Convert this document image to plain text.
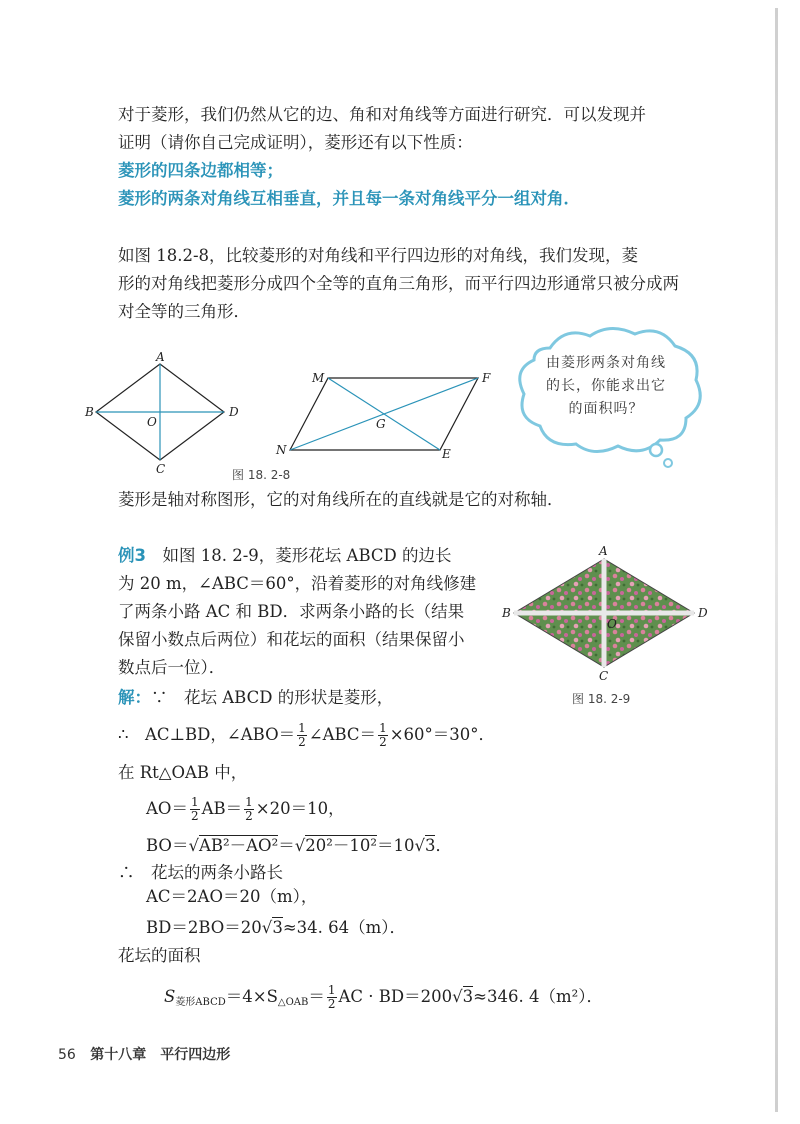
对于菱形，我们仍然从它的边、角和对角线等方面进行研究．可以发现并
证明（请你自己完成证明），菱形还有以下性质：
菱形的四条边都相等；
菱形的两条对角线互相垂直，并且每一条对角线平分一组对角．
如图 18.2-8，比较菱形的对角线和平行四边形的对角线，我们发现，菱
形的对角线把菱形分成四个全等的直角三角形，而平行四边形通常只被分成两
对全等的三角形．
A
B
C
D
O
M	F
N	E
G
图 18. 2-8
由菱形两条对角线的长，你能求出它的面积吗？
菱形是轴对称图形，它的对角线所在的直线就是它的对称轴．
例3　 如图 18. 2-9，菱形花坛 ABCD 的边长
为 20 m，∠ABC＝60°，沿着菱形的对角线修建
了两条小路 AC 和 BD．求两条小路的长（结果
保留小数点后两位）和花坛的面积（结果保留小
数点后一位）．
A
B
C
D
O
图 18. 2-9
解：∵　花坛 ABCD 的形状是菱形，
∴　AC⊥BD，∠ABO＝ $\frac{1}{2}$ ∠ABC＝ $\frac{1}{2} \times 60^\circ=30^\circ$．
在 Rt△OAB 中，
$AO= \frac{1}{2} AB= \frac{1}{2} \times 20=10$，
BO＝√AB²－AO²＝√20²－10²＝10√3．
∴　花坛的两条小路长
AC＝2AO＝20（m），
BD＝2BO＝20√3≈34. 64（m）．
花坛的面积
$S_{菱形ABCD}=4\times S_{\triangle OAB}= \frac{1}{2}$ AC · BD＝200√3≈346. 4（m²）．
56 第十八章　平行四边形
